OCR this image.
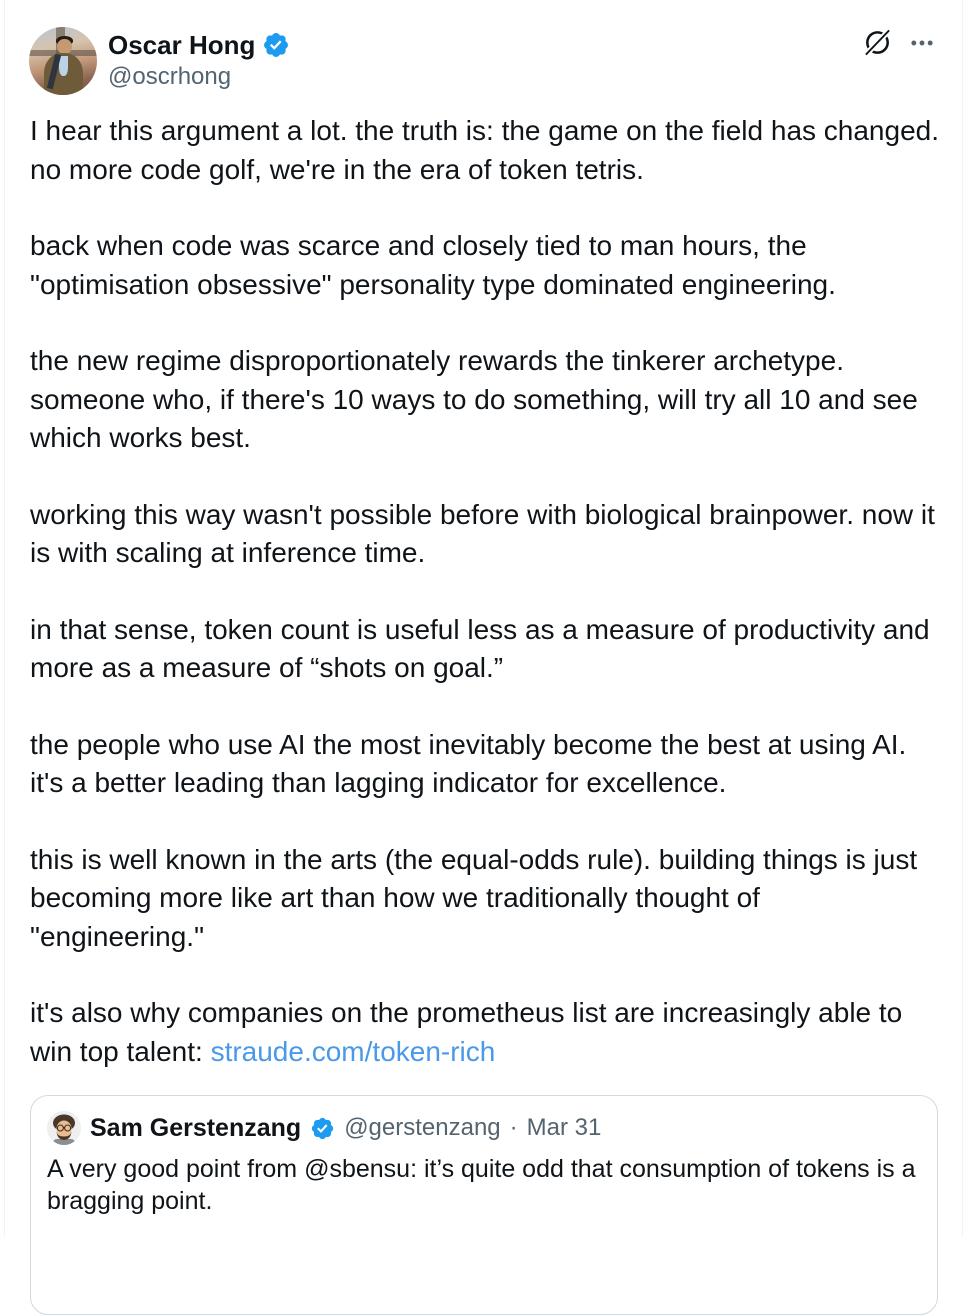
Oscar Hong
@oscrhong

I hear this argument a lot. the truth is: the game on the field has changed. no more code golf, we're in the era of token tetris.

back when code was scarce and closely tied to man hours, the "optimisation obsessive" personality type dominated engineering.

the new regime disproportionately rewards the tinkerer archetype. someone who, if there's 10 ways to do something, will try all 10 and see which works best.

working this way wasn't possible before with biological brainpower. now it is with scaling at inference time.

in that sense, token count is useful less as a measure of productivity and more as a measure of “shots on goal.”

the people who use AI the most inevitably become the best at using AI. it's a better leading than lagging indicator for excellence.

this is well known in the arts (the equal-odds rule). building things is just becoming more like art than how we traditionally thought of "engineering."

it's also why companies on the prometheus list are increasingly able to win top talent: straude.com/token-rich

Sam Gerstenzang @gerstenzang · Mar 31

A very good point from @sbensu: it’s quite odd that consumption of tokens is a bragging point.
